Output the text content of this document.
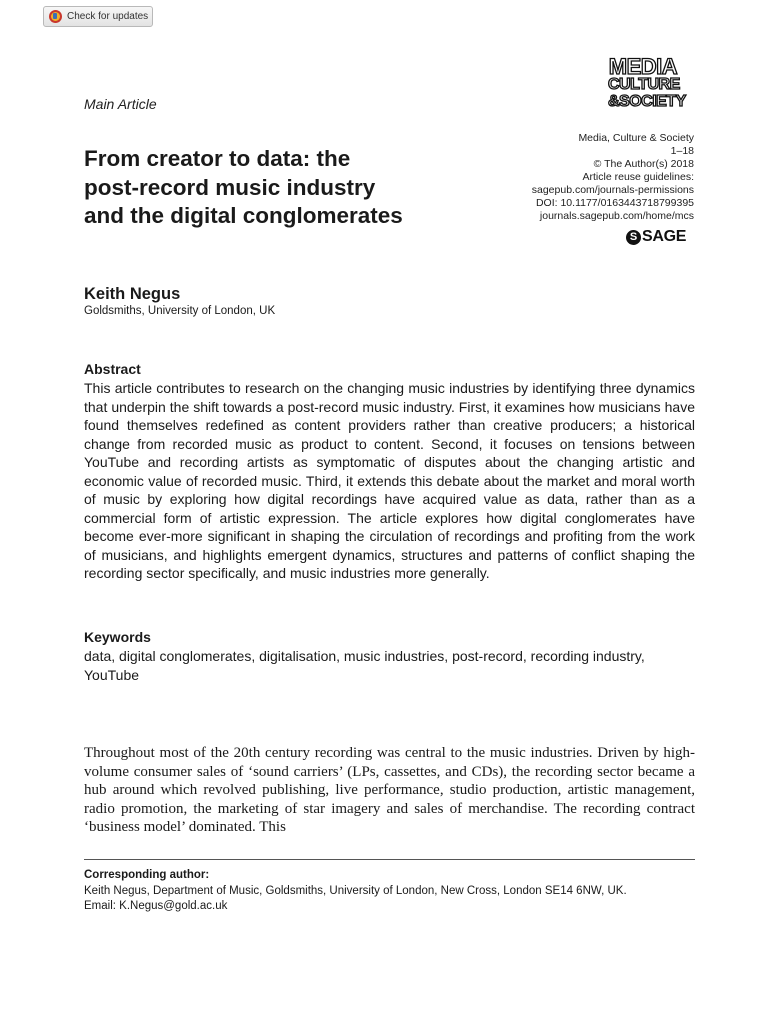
Check for updates
MEDIA
CULTURE
&SOCIETY
Main Article
Media, Culture & Society
1–18
© The Author(s) 2018
Article reuse guidelines:
sagepub.com/journals-permissions
DOI: 10.1177/0163443718799395
journals.sagepub.com/home/mcs
S SAGE
From creator to data: the
post-record music industry
and the digital conglomerates
Keith Negus
Goldsmiths, University of London, UK
Abstract
This article contributes to research on the changing music industries by identifying three dynamics that underpin the shift towards a post-record music industry. First, it examines how musicians have found themselves redefined as content providers rather than creative producers; a historical change from recorded music as product to content. Second, it focuses on tensions between YouTube and recording artists as symptomatic of disputes about the changing artistic and economic value of recorded music. Third, it extends this debate about the market and moral worth of music by exploring how digital recordings have acquired value as data, rather than as a commercial form of artistic expression. The article explores how digital conglomerates have become ever-more significant in shaping the circulation of recordings and profiting from the work of musicians, and highlights emergent dynamics, structures and patterns of conflict shaping the recording sector specifically, and music industries more generally.
Keywords
data, digital conglomerates, digitalisation, music industries, post-record, recording industry, YouTube
Throughout most of the 20th century recording was central to the music industries. Driven by high-volume consumer sales of ‘sound carriers’ (LPs, cassettes, and CDs), the recording sector became a hub around which revolved publishing, live performance, studio production, artistic management, radio promotion, the marketing of star imagery and sales of merchandise. The recording contract ‘business model’ dominated. This
Corresponding author:
Keith Negus, Department of Music, Goldsmiths, University of London, New Cross, London SE14 6NW, UK.
Email: K.Negus@gold.ac.uk
